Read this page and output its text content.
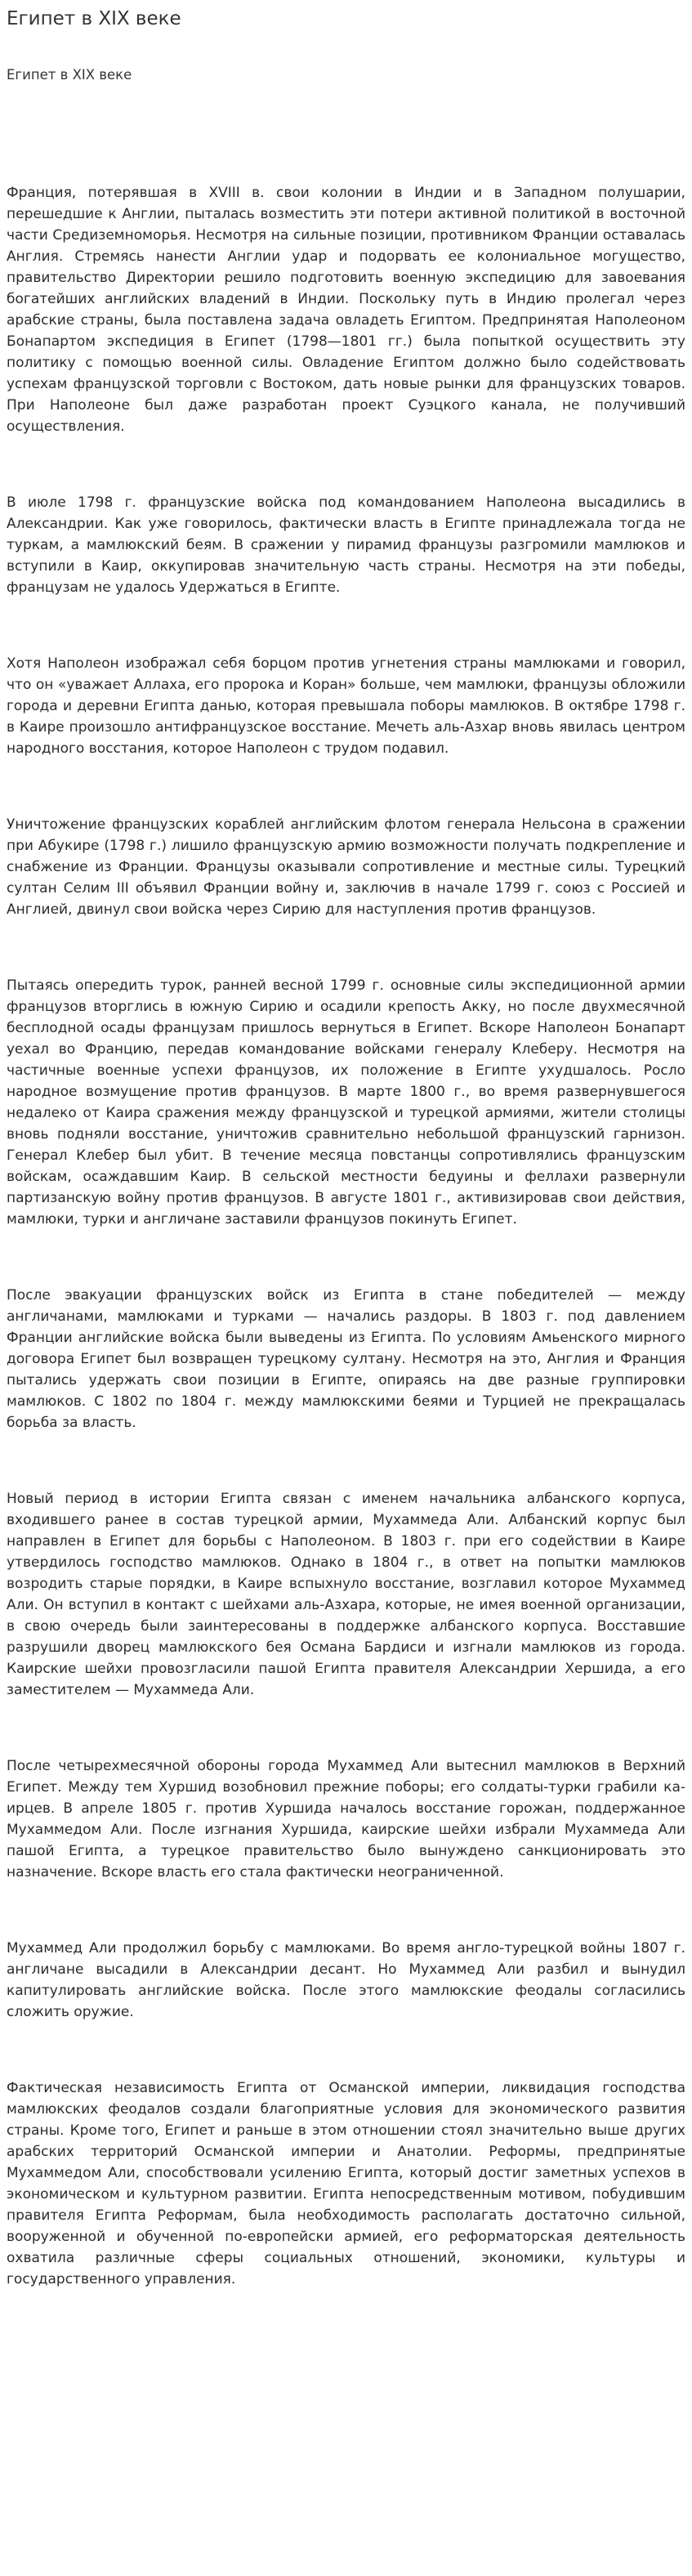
Египет в XIX веке
Египет в XIX веке

Франция, потерявшая в XVIII в. свои колонии в Индии и в Западном полушарии, перешедшие к Англии, пыталась возместить эти потери активной политикой в восточной части Средиземноморья. Несмотря на сильные позиции, противником Франции оставалась Англия. Стремясь нанести Англии удар и подорвать ее колониальное могущество, правительство Директории решило подготовить военную экспедицию для завоевания богатейших английских владений в Индии. Поскольку путь в Индию пролегал через арабские страны, была поставлена задача овладеть Египтом. Предпринятая Наполеоном Бонапартом экспедиция в Египет (1798—1801 гг.) была попыткой осуществить эту политику с помощью военной силы. Овладение Египтом должно было содействовать успехам французской торговли с Востоком, дать новые рынки для французских товаров. При Наполеоне был даже разработан проект Суэцкого канала, не получивший осуществления.

В июле 1798 г. французские войска под командованием Наполеона высадились в Александрии. Как уже говорилось, фактически власть в Египте принадлежала тогда не туркам, а мамлюкский беям. В сражении у пирамид французы разгромили мамлюков и вступили в Каир, оккупировав значительную часть страны. Несмотря на эти победы, французам не удалось Удержаться в Египте.

Хотя Наполеон изображал себя борцом против угнетения страны мамлюками и говорил, что он «уважает Аллаха, его пророка и Коран» больше, чем мамлюки, французы обложили города и деревни Египта данью, которая превышала поборы мамлюков. В октябре 1798 г. в Каире произошло антифранцузское восстание. Мечеть аль-Азхар вновь явилась центром народного восстания, которое Наполеон с трудом подавил.

Уничтожение французских кораблей английским флотом генерала Нельсона в сражении при Абукире (1798 г.) лишило французскую армию возможности получать подкрепление и снабжение из Франции. Французы оказывали сопротивление и местные силы. Турецкий султан Селим III объявил Франции войну и, заключив в начале 1799 г. союз с Россией и Англией, двинул свои войска через Сирию для наступления против французов.

Пытаясь опередить турок, ранней весной 1799 г. основные силы экспедиционной армии французов вторглись в южную Сирию и осадили крепость Акку, но после двухмесячной бесплодной осады французам пришлось вернуться в Египет. Вскоре Наполеон Бонапарт уехал во Францию, передав командование войсками генералу Клеберу. Несмотря на частичные военные успехи французов, их положение в Египте ухудшалось. Росло народное возмущение против французов. В марте 1800 г., во время развернувшегося недалеко от Каира сражения между французской и турецкой армиями, жители столицы вновь подняли восстание, уничтожив сравнительно небольшой французский гарнизон. Генерал Клебер был убит. В течение месяца повстанцы сопротивлялись французским войскам, осаждавшим Каир. В сельской местности бедуины и феллахи развернули партизанскую войну против французов. В августе 1801 г., активизировав свои действия, мамлюки, турки и англичане заставили французов покинуть Египет.

После эвакуации французских войск из Египта в стане победителей — между англичанами, мамлюками и турками — начались раздоры. В 1803 г. под давлением Франции английские войска были выведены из Египта. По условиям Амьенского мирного договора Египет был возвращен турецкому султану. Несмотря на это, Англия и Франция пытались удержать свои позиции в Египте, опираясь на две разные группировки мамлюков. С 1802 по 1804 г. между мамлюкскими беями и Турцией не прекращалась борьба за власть.

Новый период в истории Египта связан с именем начальника албанского корпуса, входившего ранее в состав турецкой армии, Мухаммеда Али. Албанский корпус был направлен в Египет для борьбы с Наполеоном. В 1803 г. при его содействии в Каире утвердилось господство мамлюков. Однако в 1804 г., в ответ на попытки мамлюков возродить старые порядки, в Каире вспыхнуло восстание, возглавил которое Мухаммед Али. Он вступил в контакт с шейхами аль-Азхара, которые, не имея военной организации, в свою очередь были заинтересованы в поддержке албанского корпуса. Восставшие разрушили дворец мамлюкского бея Османа Бардиси и изгнали мамлюков из города. Каирские шейхи провозгласили пашой Египта правителя Александрии Хершида, а его заместителем — Мухаммеда Али.

После четырехмесячной обороны города Мухаммед Али вытеснил мамлюков в Верхний Египет. Между тем Хуршид возобновил прежние поборы; его солдаты-турки грабили ка-ирцев. В апреле 1805 г. против Хуршида началось восстание горожан, поддержанное Мухаммедом Али. После изгнания Хуршида, каирские шейхи избрали Мухаммеда Али пашой Египта, а турецкое правительство было вынуждено санкционировать это назначение. Вскоре власть его стала фактически неограниченной.

Мухаммед Али продолжил борьбу с мамлюками. Во время англо-турецкой войны 1807 г. англичане высадили в Александрии десант. Но Мухаммед Али разбил и вынудил капитулировать английские войска. После этого мамлюкские феодалы согласились сложить оружие.

Фактическая независимость Египта от Османской империи, ликвидация господства мамлюкских феодалов создали благоприятные условия для экономического развития страны. Кроме того, Египет и раньше в этом отношении стоял значительно выше других арабских территорий Османской империи и Анатолии. Реформы, предпринятые Мухаммедом Али, способствовали усилению Египта, который достиг заметных успехов в экономическом и культурном развитии. Египта непосредственным мотивом, побудившим правителя Египта Реформам, была необходимость располагать достаточно сильной, вооруженной и обученной по-европейски армией, его реформаторская деятельность охватила различные сферы социальных отношений, экономики, культуры и государственного управления.
